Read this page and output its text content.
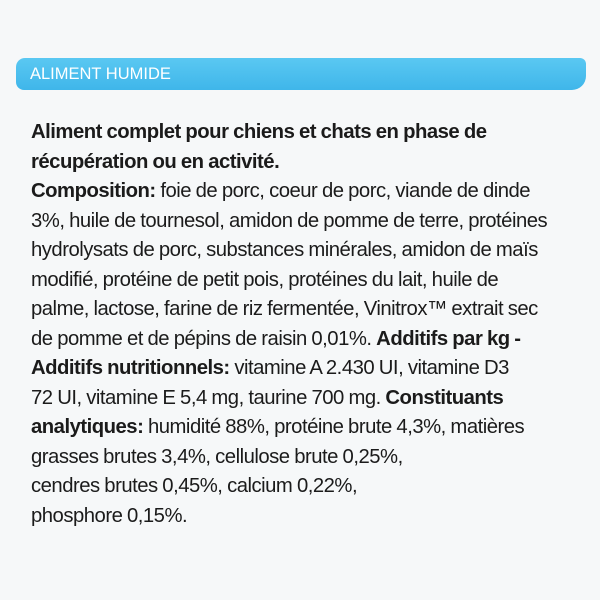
ALIMENT HUMIDE
Aliment complet pour chiens et chats en phase de
récupération ou en activité.
Composition: foie de porc, coeur de porc, viande de dinde
3%, huile de tournesol, amidon de pomme de terre, protéines
hydrolysats de porc, substances minérales, amidon de maïs
modifié, protéine de petit pois, protéines du lait, huile de
palme, lactose, farine de riz fermentée, Vinitrox™ extrait sec
de pomme et de pépins de raisin 0,01%. Additifs par kg -
Additifs nutritionnels: vitamine A 2.430 UI, vitamine D3
72 UI, vitamine E 5,4 mg, taurine 700 mg. Constituants
analytiques: humidité 88%, protéine brute 4,3%, matières
grasses brutes 3,4%, cellulose brute 0,25%,
cendres brutes 0,45%, calcium 0,22%,
phosphore 0,15%.
